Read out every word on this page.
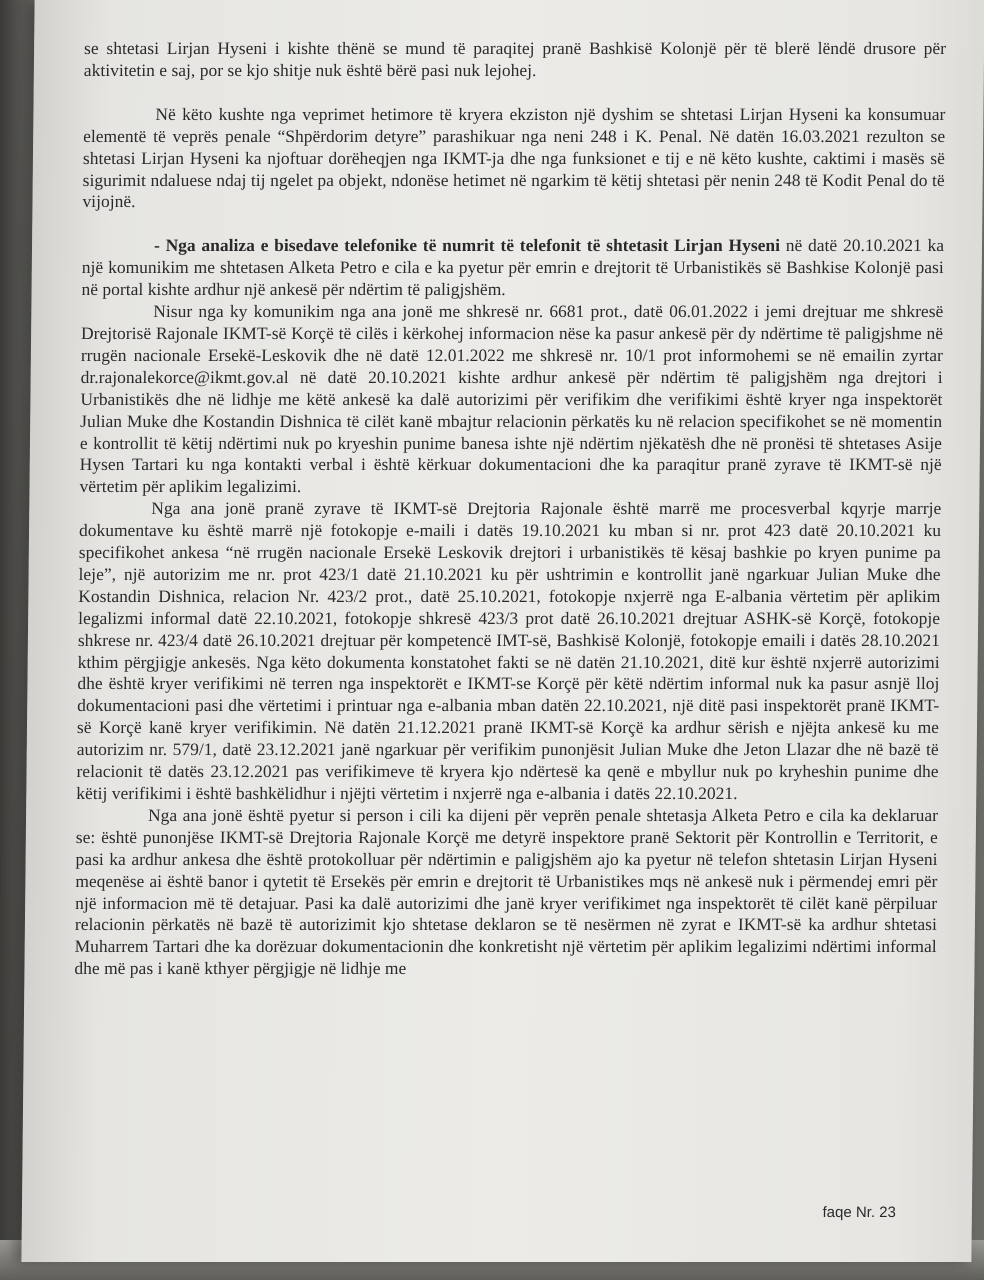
se shtetasi Lirjan Hyseni i kishte thënë se mund të paraqitej pranë Bashkisë Kolonjë për të blerë lëndë drusore për aktivitetin e saj, por se kjo shitje nuk është bërë pasi nuk lejohej.

Në këto kushte nga veprimet hetimore të kryera ekziston një dyshim se shtetasi Lirjan Hyseni ka konsumuar elementë të veprës penale “Shpërdorim detyre” parashikuar nga neni 248 i K. Penal. Në datën 16.03.2021 rezulton se shtetasi Lirjan Hyseni ka njoftuar dorëheqjen nga IKMT-ja dhe nga funksionet e tij e në këto kushte, caktimi i masës së sigurimit ndaluese ndaj tij ngelet pa objekt, ndonëse hetimet në ngarkim të këtij shtetasi për nenin 248 të Kodit Penal do të vijojnë.

- Nga analiza e bisedave telefonike të numrit të telefonit të shtetasit Lirjan Hyseni në datë 20.10.2021 ka një komunikim me shtetasen Alketa Petro e cila e ka pyetur për emrin e drejtorit të Urbanistikës së Bashkise Kolonjë pasi në portal kishte ardhur një ankesë për ndërtim të paligjshëm.

Nisur nga ky komunikim nga ana jonë me shkresë nr. 6681 prot., datë 06.01.2022 i jemi drejtuar me shkresë Drejtorisë Rajonale IKMT-së Korçë të cilës i kërkohej informacion nëse ka pasur ankesë për dy ndërtime të paligjshme në rrugën nacionale Ersekë-Leskovik dhe në datë 12.01.2022 me shkresë nr. 10/1 prot informohemi se në emailin zyrtar dr.rajonalekorce@ikmt.gov.al në datë 20.10.2021 kishte ardhur ankesë për ndërtim të paligjshëm nga drejtori i Urbanistikës dhe në lidhje me këtë ankesë ka dalë autorizimi për verifikim dhe verifikimi është kryer nga inspektorët Julian Muke dhe Kostandin Dishnica të cilët kanë mbajtur relacionin përkatës ku në relacion specifikohet se në momentin e kontrollit të këtij ndërtimi nuk po kryeshin punime banesa ishte një ndërtim njëkatësh dhe në pronësi të shtetases Asije Hysen Tartari ku nga kontakti verbal i është kërkuar dokumentacioni dhe ka paraqitur pranë zyrave të IKMT-së një vërtetim për aplikim legalizimi.

Nga ana jonë pranë zyrave të IKMT-së Drejtoria Rajonale është marrë me procesverbal kqyrje marrje dokumentave ku është marrë një fotokopje e-maili i datës 19.10.2021 ku mban si nr. prot 423 datë 20.10.2021 ku specifikohet ankesa “në rrugën nacionale Ersekë Leskovik drejtori i urbanistikës të kësaj bashkie po kryen punime pa leje”, një autorizim me nr. prot 423/1 datë 21.10.2021 ku për ushtrimin e kontrollit janë ngarkuar Julian Muke dhe Kostandin Dishnica, relacion Nr. 423/2 prot., datë 25.10.2021, fotokopje nxjerrë nga E-albania vërtetim për aplikim legalizmi informal datë 22.10.2021, fotokopje shkresë 423/3 prot datë 26.10.2021 drejtuar ASHK-së Korçë, fotokopje shkrese nr. 423/4 datë 26.10.2021 drejtuar për kompetencë IMT-së, Bashkisë Kolonjë, fotokopje emaili i datës 28.10.2021 kthim përgjigje ankesës. Nga këto dokumenta konstatohet fakti se në datën 21.10.2021, ditë kur është nxjerrë autorizimi dhe është kryer verifikimi në terren nga inspektorët e IKMT-se Korçë për këtë ndërtim informal nuk ka pasur asnjë lloj dokumentacioni pasi dhe vërtetimi i printuar nga e-albania mban datën 22.10.2021, një ditë pasi inspektorët pranë IKMT-së Korçë kanë kryer verifikimin. Në datën 21.12.2021 pranë IKMT-së Korçë ka ardhur sërish e njëjta ankesë ku me autorizim nr. 579/1, datë 23.12.2021 janë ngarkuar për verifikim punonjësit Julian Muke dhe Jeton Llazar dhe në bazë të relacionit të datës 23.12.2021 pas verifikimeve të kryera kjo ndërtesë ka qenë e mbyllur nuk po kryheshin punime dhe këtij verifikimi i është bashkëlidhur i njëjti vërtetim i nxjerrë nga e-albania i datës 22.10.2021.

Nga ana jonë është pyetur si person i cili ka dijeni për veprën penale shtetasja Alketa Petro e cila ka deklaruar se: është punonjëse IKMT-së Drejtoria Rajonale Korçë me detyrë inspektore pranë Sektorit për Kontrollin e Territorit, e pasi ka ardhur ankesa dhe është protokolluar për ndërtimin e paligjshëm ajo ka pyetur në telefon shtetasin Lirjan Hyseni meqenëse ai është banor i qytetit të Ersekës për emrin e drejtorit të Urbanistikes mqs në ankesë nuk i përmendej emri për një informacion më të detajuar. Pasi ka dalë autorizimi dhe janë kryer verifikimet nga inspektorët të cilët kanë përpiluar relacionin përkatës në bazë të autorizimit kjo shtetase deklaron se të nesërmen në zyrat e IKMT-së ka ardhur shtetasi Muharrem Tartari dhe ka dorëzuar dokumentacionin dhe konkretisht një vërtetim për aplikim legalizimi ndërtimi informal dhe më pas i kanë kthyer përgjigje në lidhje me

faqe Nr. 23
